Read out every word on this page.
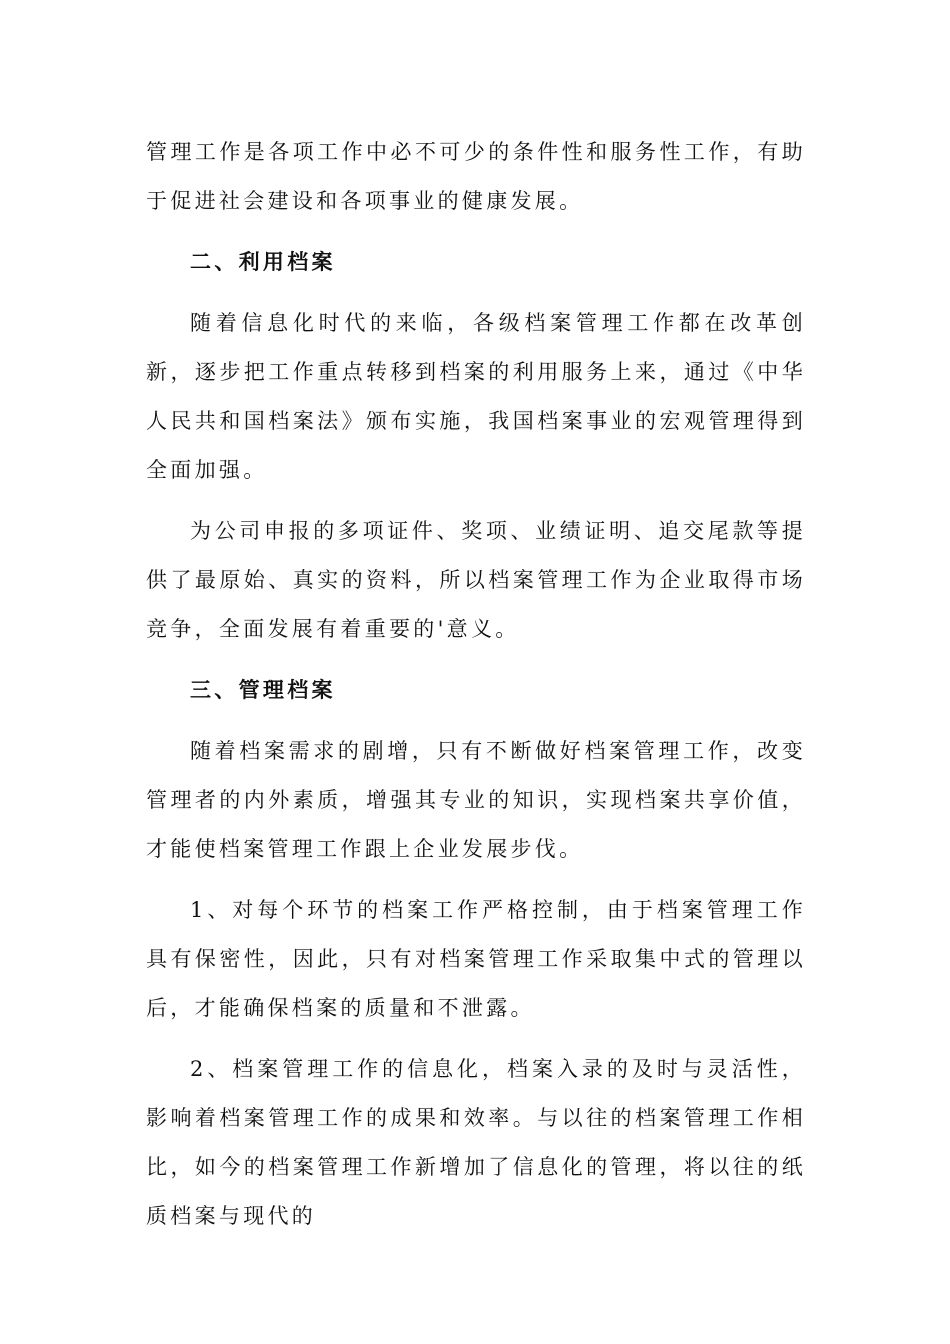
管理工作是各项工作中必不可少的条件性和服务性工作，有助于促进社会建设和各项事业的健康发展。

二、利用档案

随着信息化时代的来临，各级档案管理工作都在改革创新，逐步把工作重点转移到档案的利用服务上来，通过《中华人民共和国档案法》颁布实施，我国档案事业的宏观管理得到全面加强。

为公司申报的多项证件、奖项、业绩证明、追交尾款等提供了最原始、真实的资料，所以档案管理工作为企业取得市场竞争，全面发展有着重要的'意义。

三、管理档案

随着档案需求的剧增，只有不断做好档案管理工作，改变管理者的内外素质，增强其专业的知识，实现档案共享价值，才能使档案管理工作跟上企业发展步伐。

1、对每个环节的档案工作严格控制，由于档案管理工作具有保密性，因此，只有对档案管理工作采取集中式的管理以后，才能确保档案的质量和不泄露。

2、档案管理工作的信息化，档案入录的及时与灵活性，影响着档案管理工作的成果和效率。与以往的档案管理工作相比，如今的档案管理工作新增加了信息化的管理，将以往的纸质档案与现代的
